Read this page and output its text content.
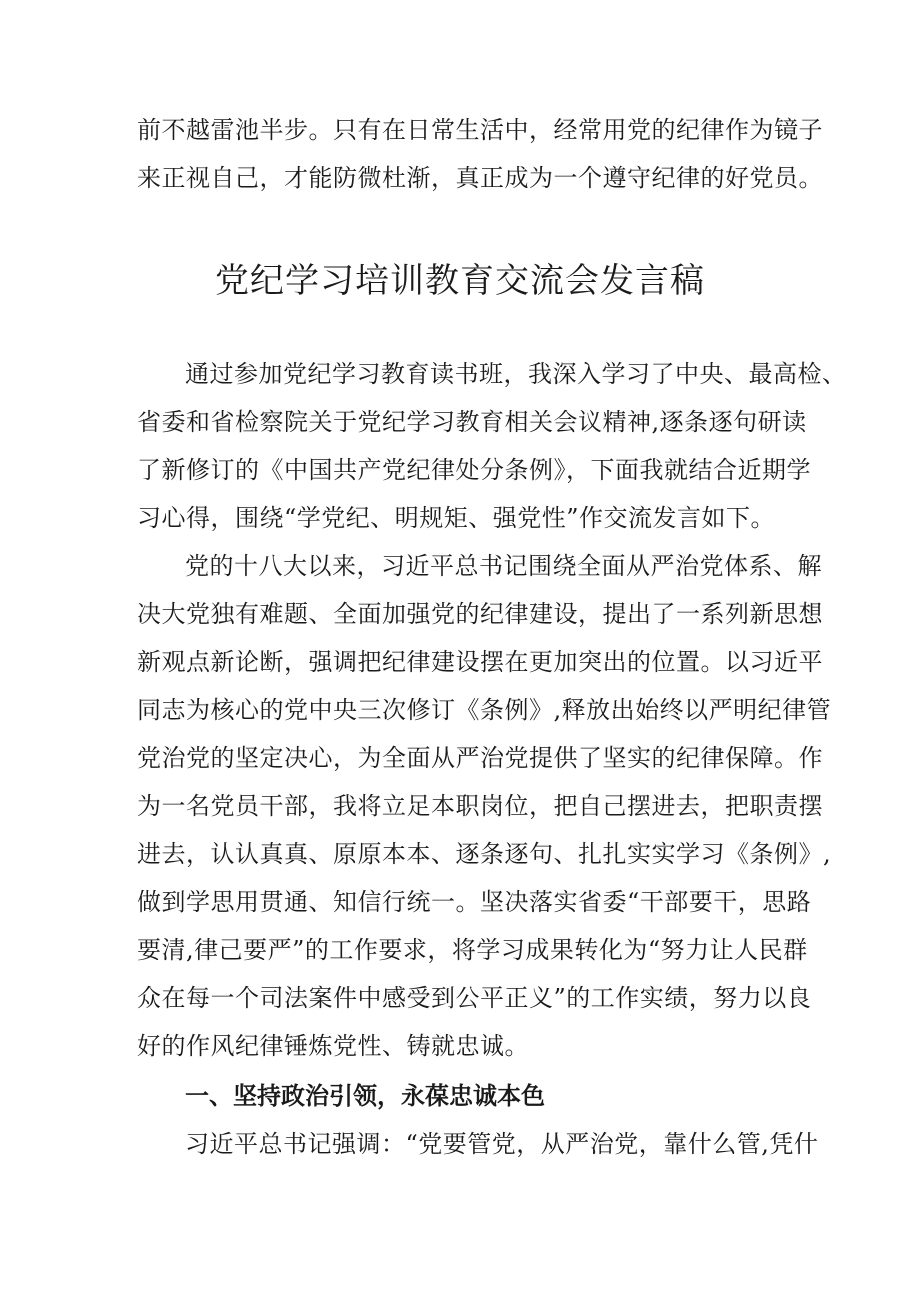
前不越雷池半步。只有在日常生活中，经常用党的纪律作为镜子
来正视自己，才能防微杜渐，真正成为一个遵守纪律的好党员。
党纪学习培训教育交流会发言稿
通过参加党纪学习教育读书班，我深入学习了中央、最高检、
省委和省检察院关于党纪学习教育相关会议精神,逐条逐句研读
了新修订的《中国共产党纪律处分条例》，下面我就结合近期学
习心得，围绕“学党纪、明规矩、强党性”作交流发言如下。
党的十八大以来，习近平总书记围绕全面从严治党体系、解
决大党独有难题、全面加强党的纪律建设，提出了一系列新思想
新观点新论断，强调把纪律建设摆在更加突出的位置。以习近平
同志为核心的党中央三次修订《条例》,释放出始终以严明纪律管
党治党的坚定决心，为全面从严治党提供了坚实的纪律保障。作
为一名党员干部，我将立足本职岗位，把自己摆进去，把职责摆
进去，认认真真、原原本本、逐条逐句、扎扎实实学习《条例》,
做到学思用贯通、知信行统一。坚决落实省委“干部要干，思路
要清,律己要严”的工作要求，将学习成果转化为“努力让人民群
众在每一个司法案件中感受到公平正义”的工作实绩，努力以良
好的作风纪律锤炼党性、铸就忠诚。
一、坚持政治引领，永葆忠诚本色
习近平总书记强调：“党要管党，从严治党，靠什么管,凭什
